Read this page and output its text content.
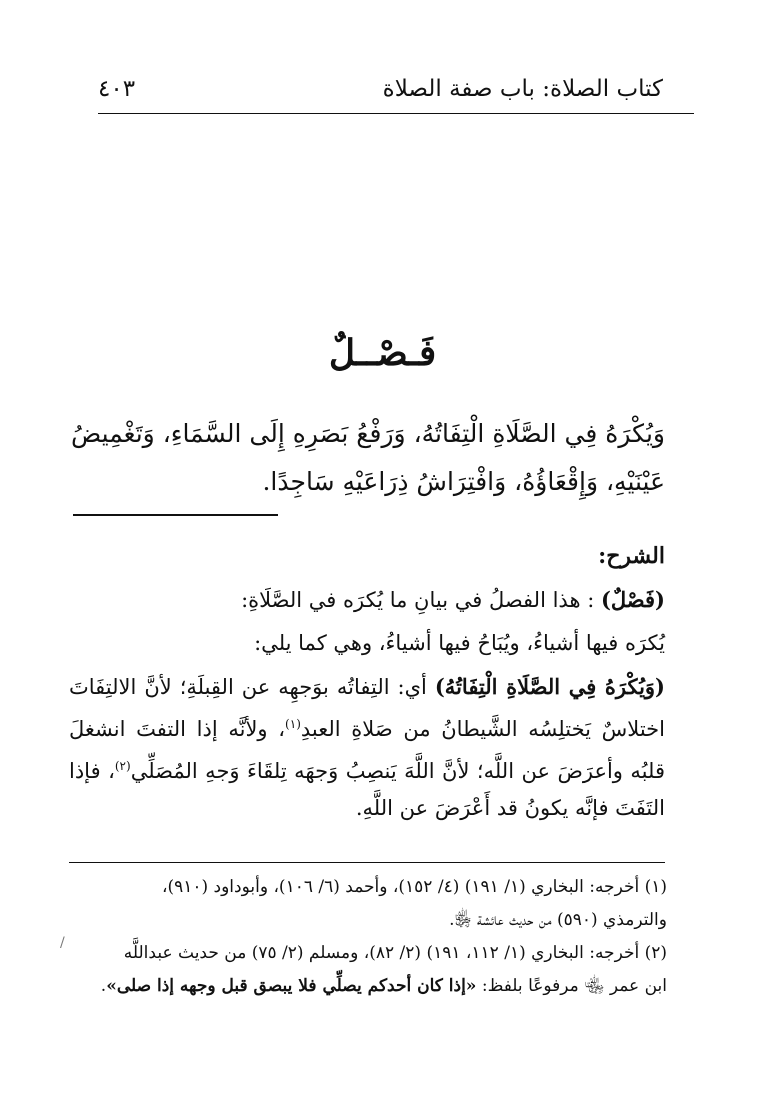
كتاب الصلاة: باب صفة الصلاة
٤٠٣
فَـصْــلٌ

وَيُكْرَهُ فِي الصَّلَاةِ الْتِفَاتُهُ، وَرَفْعُ بَصَرِهِ إِلَى السَّمَاءِ، وَتَغْمِيضُ

عَيْنَيْهِ، وَإِقْعَاؤُهُ، وَافْتِرَاشُ ذِرَاعَيْهِ سَاجِدًا.

الشرح:

(فَصْلٌ) : هذا الفصلُ في بيانِ ما يُكرَه في الصَّلَاةِ:

يُكرَه فيها أشياءُ، ويُبَاحُ فيها أشياءُ، وهي كما يلي:

(وَيُكْرَهُ فِي الصَّلَاةِ الْتِفَاتُهُ) أي: التِفاتُه بوَجهِه عن القِبلَةِ؛ لأنَّ الالتِفَاتَ اختلاسٌ يَختلِسُه الشَّيطانُ من صَلاةِ العبدِ$^{(١)}$، ولأنَّه إذا التفتَ انشغلَ قلبُه وأعرَضَ عن اللَّه؛ لأنَّ اللَّهَ يَنصِبُ وَجهَه تِلقَاءَ وَجهِ المُصَلِّي$^{(٢)}$، فإذا التَفَتَ فإنَّه يكونُ قد أَعْرَضَ عن اللَّهِ.

(١) أخرجه: البخاري (١/ ١٩١) (٤/ ١٥٢)، وأحمد (٦/ ١٠٦)، وأبوداود (٩١٠)،

والترمذي (٥٩٠) من حديث عائشة ﵂.

(٢) أخرجه: البخاري (١/ ١١٢، ١٩١) (٢/ ٨٢)، ومسلم (٢/ ٧٥) من حديث عبداللَّه

ابن عمر ﵄ مرفوعًا بلفظ: «إذا كان أحدكم يصلِّي فلا يبصق قبل وجهه إذا صلى».

/
